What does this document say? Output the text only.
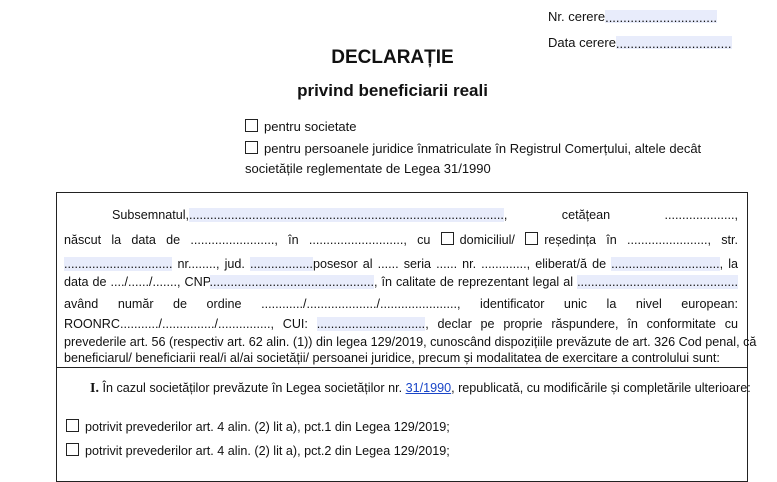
Nr. cerere...............................
Data cerere................................
DECLARAȚIE
privind beneficiarii reali
pentru societate
pentru persoanele juridice înmatriculate în Registrul Comerțului, altele decât
societățile reglementate de Legea 31/1990
Subsemnatul,.........................................................................................., cetățean	....................,
născut la data de ........................, în ..........................., cu domiciliul/ reședința în ......................., str.
............................... nr........, jud. ..................posesor al ...... seria ...... nr. ............., eliberat/ă de ..............................., la
data de ..../....../......., CNP..............................................., în calitate de reprezentant legal al ..............................................
având număr de ordine ............/..................../......................, identificator unic la nivel european:
ROONRC.........../.............../..............., CUI: ..............................., declar pe proprie răspundere, în conformitate cu
prevederile art. 56 (respectiv art. 62 alin. (1)) din legea 129/2019, cunoscând dispozițiile prevăzute de art. 326 Cod penal, că
beneficiarul/ beneficiarii real/i al/ai societății/ persoanei juridice, precum și modalitatea de exercitare a controlului sunt:
I. În cazul societăților prevăzute în Legea societăților nr. 31/1990, republicată, cu modificările și completările ulterioare:
potrivit prevederilor art. 4 alin. (2) lit a), pct.1 din Legea 129/2019;
potrivit prevederilor art. 4 alin. (2) lit a), pct.2 din Legea 129/2019;
